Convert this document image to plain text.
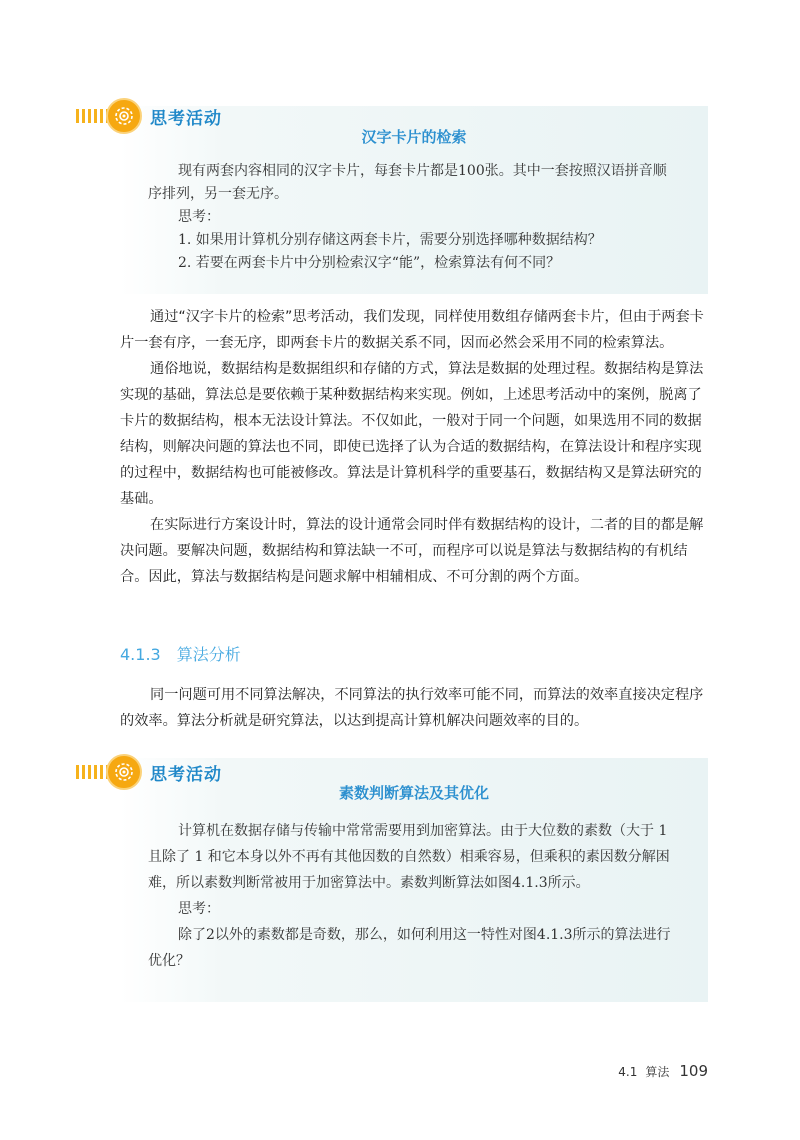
汉字卡片的检索

现有两套内容相同的汉字卡片，每套卡片都是100张。其中一套按照汉语拼音顺序排列，另一套无序。

思考：

1. 如果用计算机分别存储这两套卡片，需要分别选择哪种数据结构？

2. 若要在两套卡片中分别检索汉字“能”，检索算法有何不同？

思考活动

通过“汉字卡片的检索”思考活动，我们发现，同样使用数组存储两套卡片，但由于两套卡片一套有序，一套无序，即两套卡片的数据关系不同，因而必然会采用不同的检索算法。

通俗地说，数据结构是数据组织和存储的方式，算法是数据的处理过程。数据结构是算法实现的基础，算法总是要依赖于某种数据结构来实现。例如，上述思考活动中的案例，脱离了卡片的数据结构，根本无法设计算法。不仅如此，一般对于同一个问题，如果选用不同的数据结构，则解决问题的算法也不同，即使已选择了认为合适的数据结构，在算法设计和程序实现的过程中，数据结构也可能被修改。算法是计算机科学的重要基石，数据结构又是算法研究的基础。

在实际进行方案设计时，算法的设计通常会同时伴有数据结构的设计，二者的目的都是解决问题。要解决问题，数据结构和算法缺一不可，而程序可以说是算法与数据结构的有机结合。因此，算法与数据结构是问题求解中相辅相成、不可分割的两个方面。

4.1.3 算法分析

同一问题可用不同算法解决，不同算法的执行效率可能不同，而算法的效率直接决定程序的效率。算法分析就是研究算法，以达到提高计算机解决问题效率的目的。

素数判断算法及其优化

计算机在数据存储与传输中常常需要用到加密算法。由于大位数的素数（大于 1 且除了 1 和它本身以外不再有其他因数的自然数）相乘容易，但乘积的素因数分解困难，所以素数判断常被用于加密算法中。素数判断算法如图4.1.3所示。

思考：

除了2以外的素数都是奇数，那么，如何利用这一特性对图4.1.3所示的算法进行优化？

思考活动
4.1 算法 109
